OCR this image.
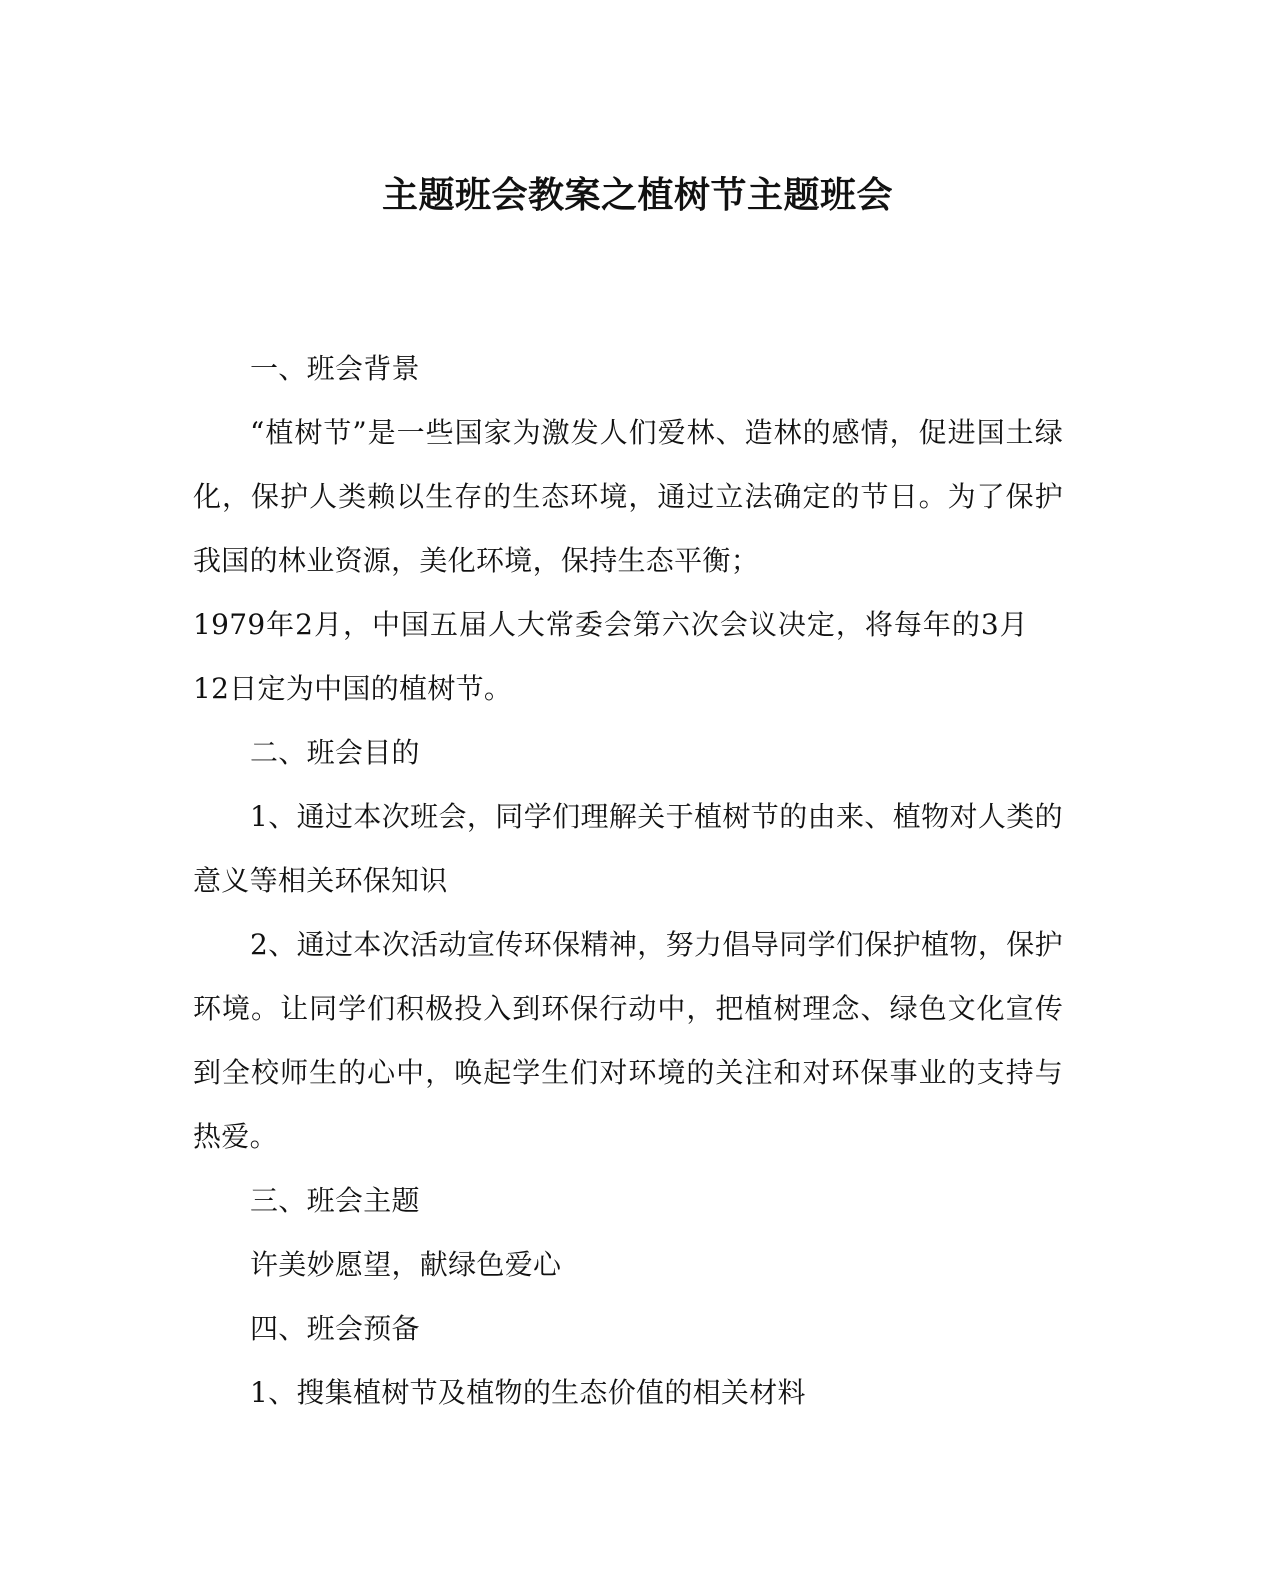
主题班会教案之植树节主题班会

一、班会背景

“植树节”是一些国家为激发人们爱林、造林的感情，促进国土绿化，保护人类赖以生存的生态环境，通过立法确定的节日。为了保护我国的林业资源，美化环境，保持生态平衡；

1979年2月，中国五届人大常委会第六次会议决定，将每年的3月12日定为中国的植树节。

二、班会目的

1、通过本次班会，同学们理解关于植树节的由来、植物对人类的意义等相关环保知识

2、通过本次活动宣传环保精神，努力倡导同学们保护植物，保护环境。让同学们积极投入到环保行动中，把植树理念、绿色文化宣传到全校师生的心中，唤起学生们对环境的关注和对环保事业的支持与热爱。

三、班会主题

许美妙愿望，献绿色爱心

四、班会预备

1、搜集植树节及植物的生态价值的相关材料
